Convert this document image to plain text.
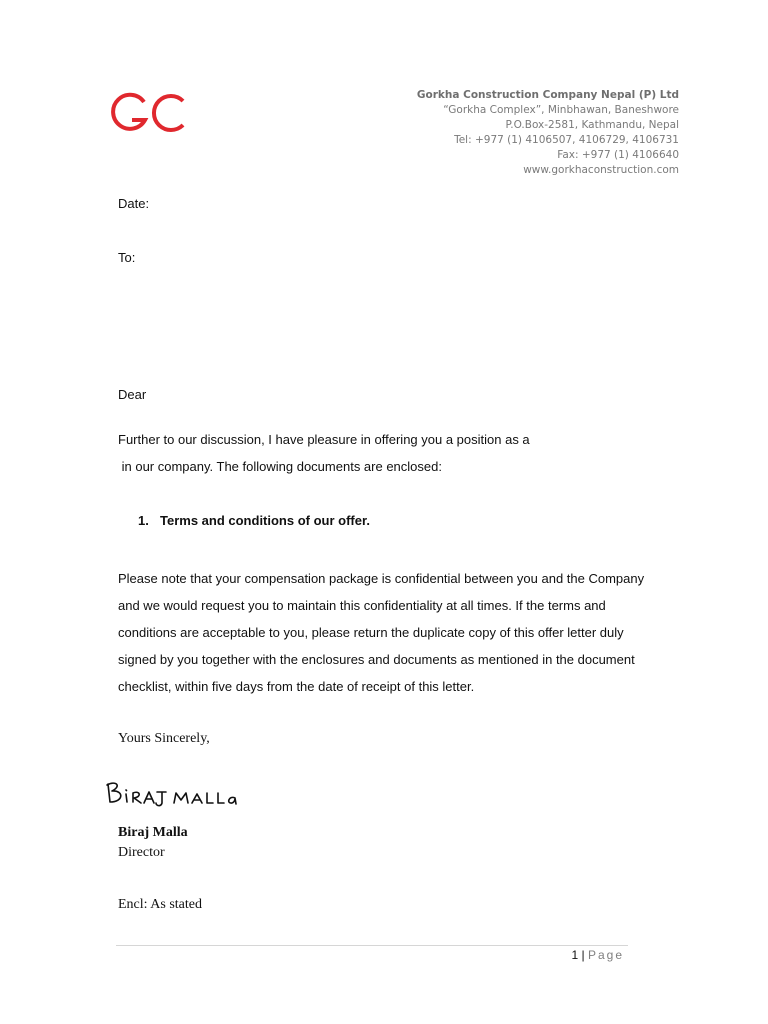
Gorkha Construction Company Nepal (P) Ltd
“Gorkha Complex”, Minbhawan, Baneshwore
P.O.Box-2581, Kathmandu, Nepal
Tel: +977 (1) 4106507, 4106729, 4106731
Fax: +977 (1) 4106640
www.gorkhaconstruction.com
Date:
To:
Dear
Further to our discussion, I have pleasure in offering you a position as a
in our company. The following documents are enclosed:
1. Terms and conditions of our offer.
Please note that your compensation package is confidential between you and the Company
and we would request you to maintain this confidentiality at all times. If the terms and
conditions are acceptable to you, please return the duplicate copy of this offer letter duly
signed by you together with the enclosures and documents as mentioned in the document
checklist, within five days from the date of receipt of this letter.
Yours Sincerely,
Biraj Malla
Director
Encl: As stated
1 | Page
